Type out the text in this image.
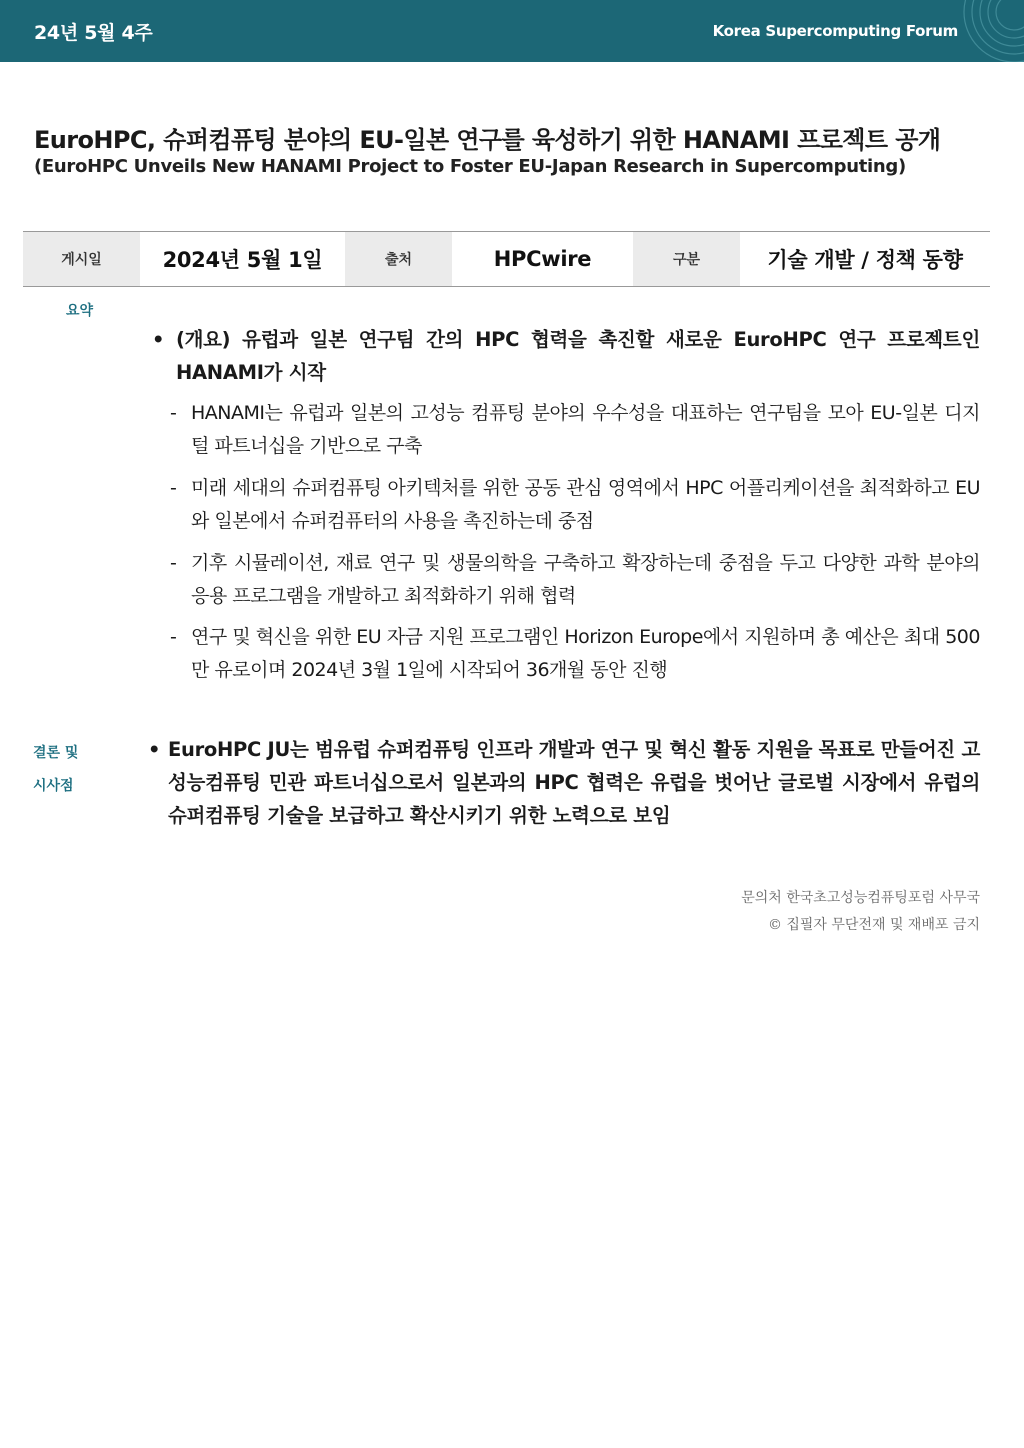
24년 5월 4주	Korea Supercomputing Forum
EuroHPC, 슈퍼컴퓨팅 분야의 EU-일본 연구를 육성하기 위한 HANAMI 프로젝트 공개
(EuroHPC Unveils New HANAMI Project to Foster EU-Japan Research in Supercomputing)
게시일	2024년 5월 1일	출처	HPCwire	구분	기술 개발 / 정책 동향
요약
• (개요) 유럽과 일본 연구팀 간의 HPC 협력을 촉진할 새로운 EuroHPC 연구 프로젝트인 HANAMI가 시작
- HANAMI는 유럽과 일본의 고성능 컴퓨팅 분야의 우수성을 대표하는 연구팀을 모아 EU-일본 디지털 파트너십을 기반으로 구축
- 미래 세대의 슈퍼컴퓨팅 아키텍처를 위한 공동 관심 영역에서 HPC 어플리케이션을 최적화하고 EU와 일본에서 슈퍼컴퓨터의 사용을 촉진하는데 중점
- 기후 시뮬레이션, 재료 연구 및 생물의학을 구축하고 확장하는데 중점을 두고 다양한 과학 분야의 응용 프로그램을 개발하고 최적화하기 위해 협력
- 연구 및 혁신을 위한 EU 자금 지원 프로그램인 Horizon Europe에서 지원하며 총 예산은 최대 500만 유로이며 2024년 3월 1일에 시작되어 36개월 동안 진행
결론 및
시사점
• EuroHPC JU는 범유럽 슈퍼컴퓨팅 인프라 개발과 연구 및 혁신 활동 지원을 목표로 만들어진 고성능컴퓨팅 민관 파트너십으로서 일본과의 HPC 협력은 유럽을 벗어난 글로벌 시장에서 유럽의 슈퍼컴퓨팅 기술을 보급하고 확산시키기 위한 노력으로 보임
문의처 한국초고성능컴퓨팅포럼 사무국
© 집필자 무단전재 및 재배포 금지
